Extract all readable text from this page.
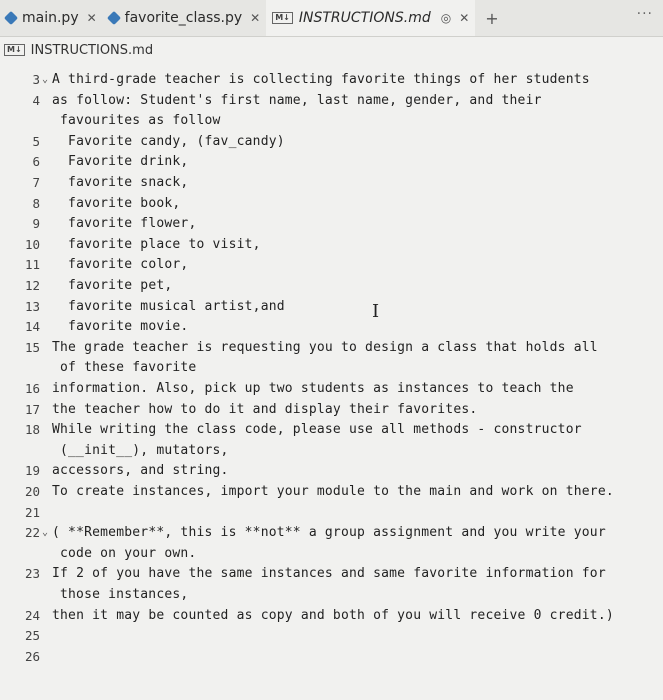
main.py ✕ favorite_class.py ✕	M↓ INSTRUCTIONS.md ◎ ✕ +	···
M↓ INSTRUCTIONS.md
3 ⌄ A third-grade teacher is collecting favorite things of her students
4 as follow: Student's first name, last name, gender, and their
favourites as follow
5 Favorite candy, (fav_candy)
6 Favorite drink,
7 favorite snack,
8 favorite book,
9 favorite flower,
10 favorite place to visit,
11 favorite color,
12 favorite pet,
13 favorite musical artist,and
14 favorite movie.
15 The grade teacher is requesting you to design a class that holds all
of these favorite
16 information. Also, pick up two students as instances to teach the
17 the teacher how to do it and display their favorites.
18 While writing the class code, please use all methods - constructor
(__init__), mutators,
19 accessors, and string.
20 To create instances, import your module to the main and work on there.
21
22 ⌄ ( **Remember**, this is **not** a group assignment and you write your
code on your own.
23 If 2 of you have the same instances and same favorite information for
those instances,
24 then it may be counted as copy and both of you will receive 0 credit.)
25
26
I
